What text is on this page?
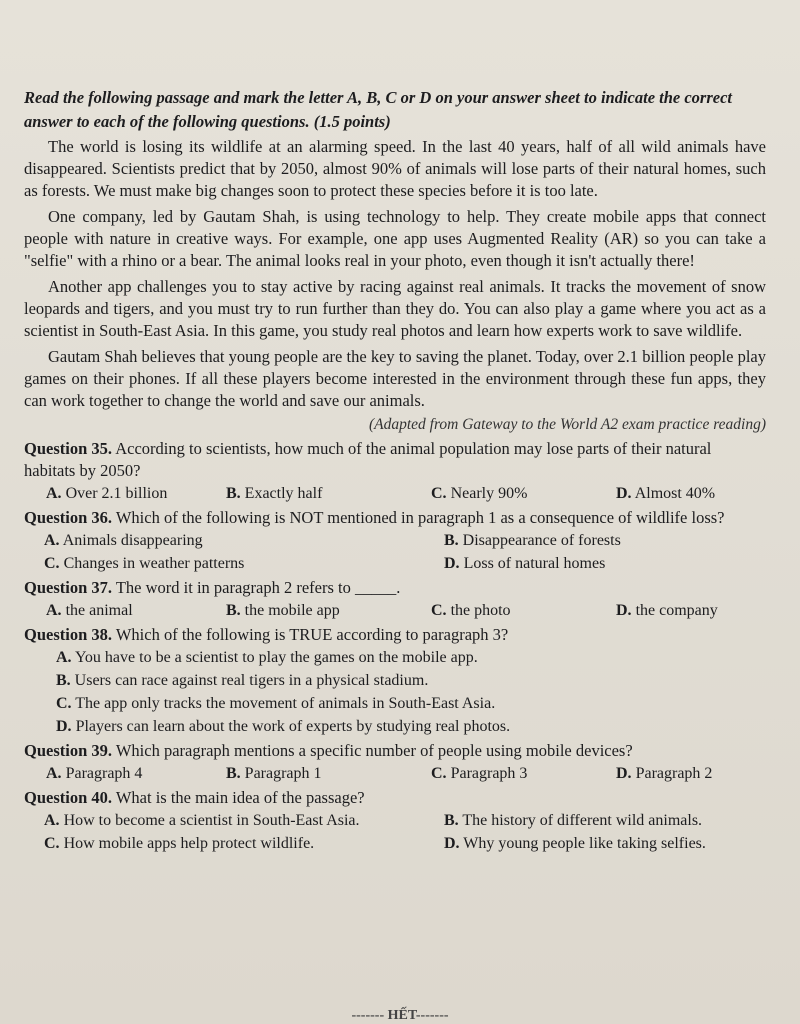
Read the following passage and mark the letter A, B, C or D on your answer sheet to indicate the correct answer to each of the following questions. (1.5 points)

The world is losing its wildlife at an alarming speed. In the last 40 years, half of all wild animals have disappeared. Scientists predict that by 2050, almost 90% of animals will lose parts of their natural homes, such as forests. We must make big changes soon to protect these species before it is too late.

One company, led by Gautam Shah, is using technology to help. They create mobile apps that connect people with nature in creative ways. For example, one app uses Augmented Reality (AR) so you can take a "selfie" with a rhino or a bear. The animal looks real in your photo, even though it isn't actually there!

Another app challenges you to stay active by racing against real animals. It tracks the movement of snow leopards and tigers, and you must try to run further than they do. You can also play a game where you act as a scientist in South-East Asia. In this game, you study real photos and learn how experts work to save wildlife.

Gautam Shah believes that young people are the key to saving the planet. Today, over 2.1 billion people play games on their phones. If all these players become interested in the environment through these fun apps, they can work together to change the world and save our animals.

(Adapted from Gateway to the World A2 exam practice reading)

Question 35. According to scientists, how much of the animal population may lose parts of their natural habitats by 2050?
A. Over 2.1 billion	B. Exactly half	C. Nearly 90%	D. Almost 40%
Question 36. Which of the following is NOT mentioned in paragraph 1 as a consequence of wildlife loss?
A. Animals disappearing	B. Disappearance of forests
C. Changes in weather patterns	D. Loss of natural homes
Question 37. The word it in paragraph 2 refers to _____.
A. the animal	B. the mobile app	C. the photo	D. the company
Question 38. Which of the following is TRUE according to paragraph 3?
A. You have to be a scientist to play the games on the mobile app.
B. Users can race against real tigers in a physical stadium.
C. The app only tracks the movement of animals in South-East Asia.
D. Players can learn about the work of experts by studying real photos.
Question 39. Which paragraph mentions a specific number of people using mobile devices?
A. Paragraph 4	B. Paragraph 1	C. Paragraph 3	D. Paragraph 2
Question 40. What is the main idea of the passage?
A. How to become a scientist in South-East Asia.	B. The history of different wild animals.
C. How mobile apps help protect wildlife.	D. Why young people like taking selfies.
------- HẾT-------
